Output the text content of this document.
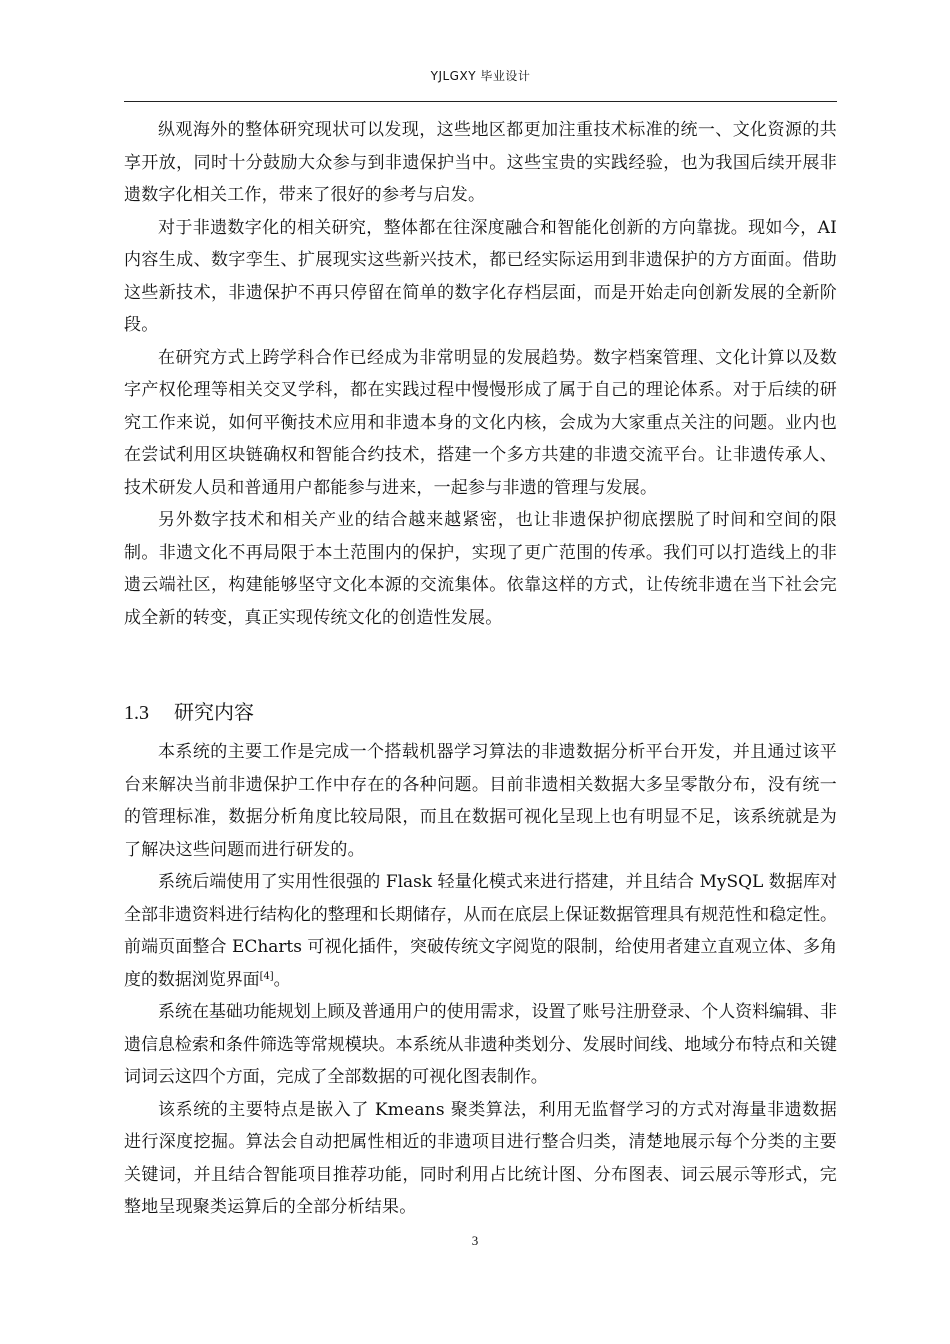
YJLGXY 毕业设计

纵观海外的整体研究现状可以发现，这些地区都更加注重技术标准的统一、文化资源的共享开放，同时十分鼓励大众参与到非遗保护当中。这些宝贵的实践经验，也为我国后续开展非遗数字化相关工作，带来了很好的参考与启发。

对于非遗数字化的相关研究，整体都在往深度融合和智能化创新的方向靠拢。现如今，AI 内容生成、数字孪生、扩展现实这些新兴技术，都已经实际运用到非遗保护的方方面面。借助这些新技术，非遗保护不再只停留在简单的数字化存档层面，而是开始走向创新发展的全新阶段。

在研究方式上跨学科合作已经成为非常明显的发展趋势。数字档案管理、文化计算以及数字产权伦理等相关交叉学科，都在实践过程中慢慢形成了属于自己的理论体系。对于后续的研究工作来说，如何平衡技术应用和非遗本身的文化内核，会成为大家重点关注的问题。业内也在尝试利用区块链确权和智能合约技术，搭建一个多方共建的非遗交流平台。让非遗传承人、技术研发人员和普通用户都能参与进来，一起参与非遗的管理与发展。

另外数字技术和相关产业的结合越来越紧密，也让非遗保护彻底摆脱了时间和空间的限制。非遗文化不再局限于本土范围内的保护，实现了更广范围的传承。我们可以打造线上的非遗云端社区，构建能够坚守文化本源的交流集体。依靠这样的方式，让传统非遗在当下社会完成全新的转变，真正实现传统文化的创造性发展。

1.3 研究内容

本系统的主要工作是完成一个搭载机器学习算法的非遗数据分析平台开发，并且通过该平台来解决当前非遗保护工作中存在的各种问题。目前非遗相关数据大多呈零散分布，没有统一的管理标准，数据分析角度比较局限，而且在数据可视化呈现上也有明显不足，该系统就是为了解决这些问题而进行研发的。

系统后端使用了实用性很强的 Flask 轻量化模式来进行搭建，并且结合 MySQL 数据库对全部非遗资料进行结构化的整理和长期储存，从而在底层上保证数据管理具有规范性和稳定性。前端页面整合 ECharts 可视化插件，突破传统文字阅览的限制，给使用者建立直观立体、多角度的数据浏览界面[4]。

系统在基础功能规划上顾及普通用户的使用需求，设置了账号注册登录、个人资料编辑、非遗信息检索和条件筛选等常规模块。本系统从非遗种类划分、发展时间线、地域分布特点和关键词词云这四个方面，完成了全部数据的可视化图表制作。

该系统的主要特点是嵌入了 Kmeans 聚类算法，利用无监督学习的方式对海量非遗数据进行深度挖掘。算法会自动把属性相近的非遗项目进行整合归类，清楚地展示每个分类的主要关键词，并且结合智能项目推荐功能，同时利用占比统计图、分布图表、词云展示等形式，完整地呈现聚类运算后的全部分析结果。

3
